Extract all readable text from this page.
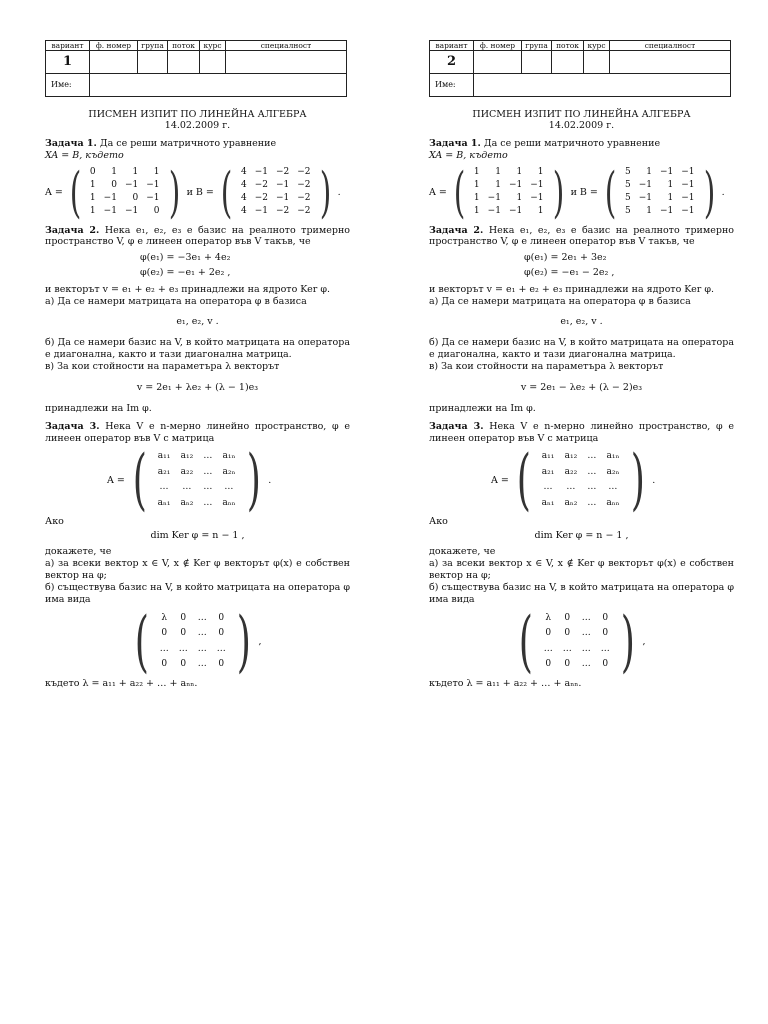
вариант	ф. номер	група	поток	курс	специалност
1					
Име:					
ПИСМЕН ИЗПИТ ПО ЛИНЕЙНА АЛГЕБРА
14.02.2009 г.

Задача 1. Да се реши матричното уравнение

XA = B, където

A = ( 0	1	1	1
1	0	−1	−1
1	−1	0	−1
1	−1	−1	0 ) и B = ( 4	−1	−2	−2
4	−2	−1	−2
4	−2	−1	−2
4	−1	−2	−2 ) .

Задача 2. Нека e₁, e₂, e₃ е базис на реалното тримерно пространство V, φ е линеен оператор във V такъв, че

φ(e₁) = −3e₁ + 4e₂
φ(e₂) = −e₁ + 2e₂ ,

и векторът v = e₁ + e₂ + e₃ принадлежи на ядрото Ker φ.

а) Да се намери матрицата на оператора φ в базиса

e₁, e₂, v .

б) Да се намери базис на V, в който матрицата на оператора е диагонална, както и тази диагонална матрица.

в) За кои стойности на параметъра λ векторът

v = 2e₁ + λe₂ + (λ − 1)e₃

принадлежи на Im φ.

Задача 3. Нека V е n-мерно линейно пространство, φ е линеен оператор във V с матрица

A = ( a₁₁	a₁₂	…	a₁ₙ
a₂₁	a₂₂	…	a₂ₙ
…	…	…	…
aₙ₁	aₙ₂	…	aₙₙ ) .

Ако

dim Ker φ = n − 1 ,

докажете, че

а) за всеки вектор x ∈ V, x ∉ Ker φ векторът φ(x) е собствен вектор на φ;

б) съществува базис на V, в който матрицата на оператора φ има вида

( λ	0	…	0
0	0	…	0
…	…	…	…
0	0	…	0 ) ,

където λ = a₁₁ + a₂₂ + … + aₙₙ.

вариант	ф. номер	група	поток	курс	специалност
2					
Име:					
ПИСМЕН ИЗПИТ ПО ЛИНЕЙНА АЛГЕБРА
14.02.2009 г.

Задача 1. Да се реши матричното уравнение

XA = B, където

A = ( 1	1	1	1
1	1	−1	−1
1	−1	1	−1
1	−1	−1	1 ) и B = ( 5	1	−1	−1
5	−1	1	−1
5	−1	1	−1
5	1	−1	−1 ) .

Задача 2. Нека e₁, e₂, e₃ е базис на реалното тримерно пространство V, φ е линеен оператор във V такъв, че

φ(e₁) = 2e₁ + 3e₂
φ(e₂) = −e₁ − 2e₂ ,

и векторът v = e₁ + e₂ + e₃ принадлежи на ядрото Ker φ.

а) Да се намери матрицата на оператора φ в базиса

e₁, e₂, v .

б) Да се намери базис на V, в който матрицата на оператора е диагонална, както и тази диагонална матрица.

в) За кои стойности на параметъра λ векторът

v = 2e₁ − λe₂ + (λ − 2)e₃

принадлежи на Im φ.

Задача 3. Нека V е n-мерно линейно пространство, φ е линеен оператор във V с матрица

A = ( a₁₁	a₁₂	…	a₁ₙ
a₂₁	a₂₂	…	a₂ₙ
…	…	…	…
aₙ₁	aₙ₂	…	aₙₙ ) .

Ако

dim Ker φ = n − 1 ,

докажете, че

а) за всеки вектор x ∈ V, x ∉ Ker φ векторът φ(x) е собствен вектор на φ;

б) съществува базис на V, в който матрицата на оператора φ има вида

( λ	0	…	0
0	0	…	0
…	…	…	…
0	0	…	0 ) ,

където λ = a₁₁ + a₂₂ + … + aₙₙ.
